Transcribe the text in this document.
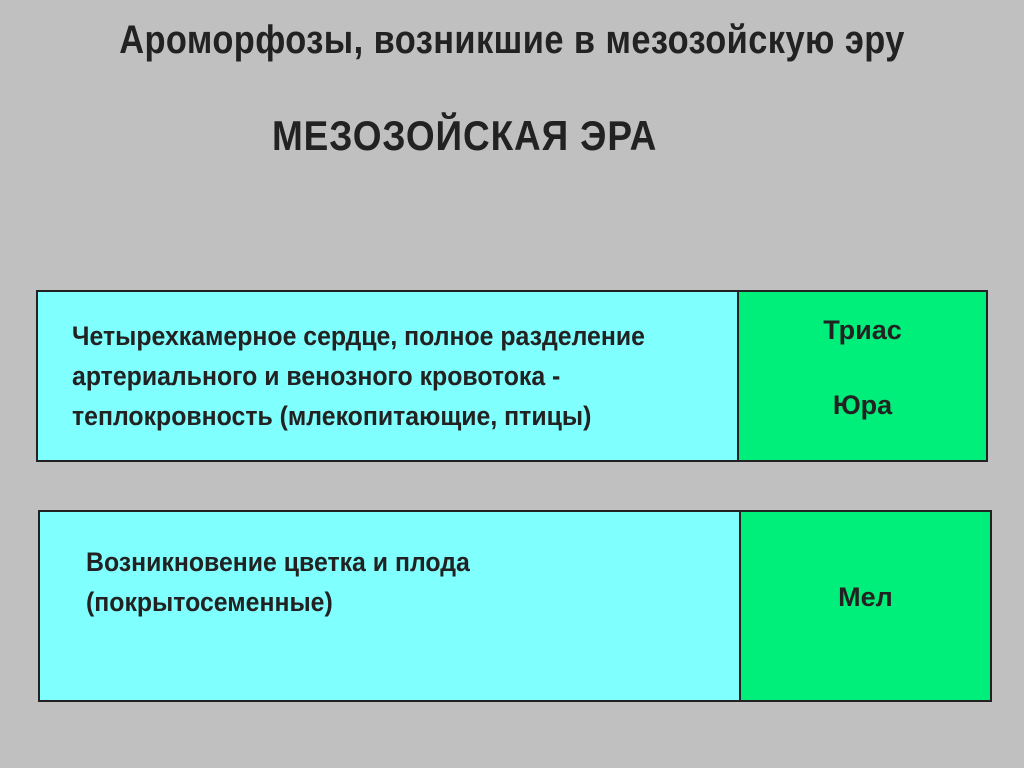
Ароморфозы, возникшие в мезозойскую эру
МЕЗОЗОЙСКАЯ ЭРА
Четырехкамерное сердце, полное разделение
артериального и венозного кровотока -
теплокровность (млекопитающие, птицы)
Триас
Юра
Возникновение цветка и плода
(покрытосеменные)	Мел
